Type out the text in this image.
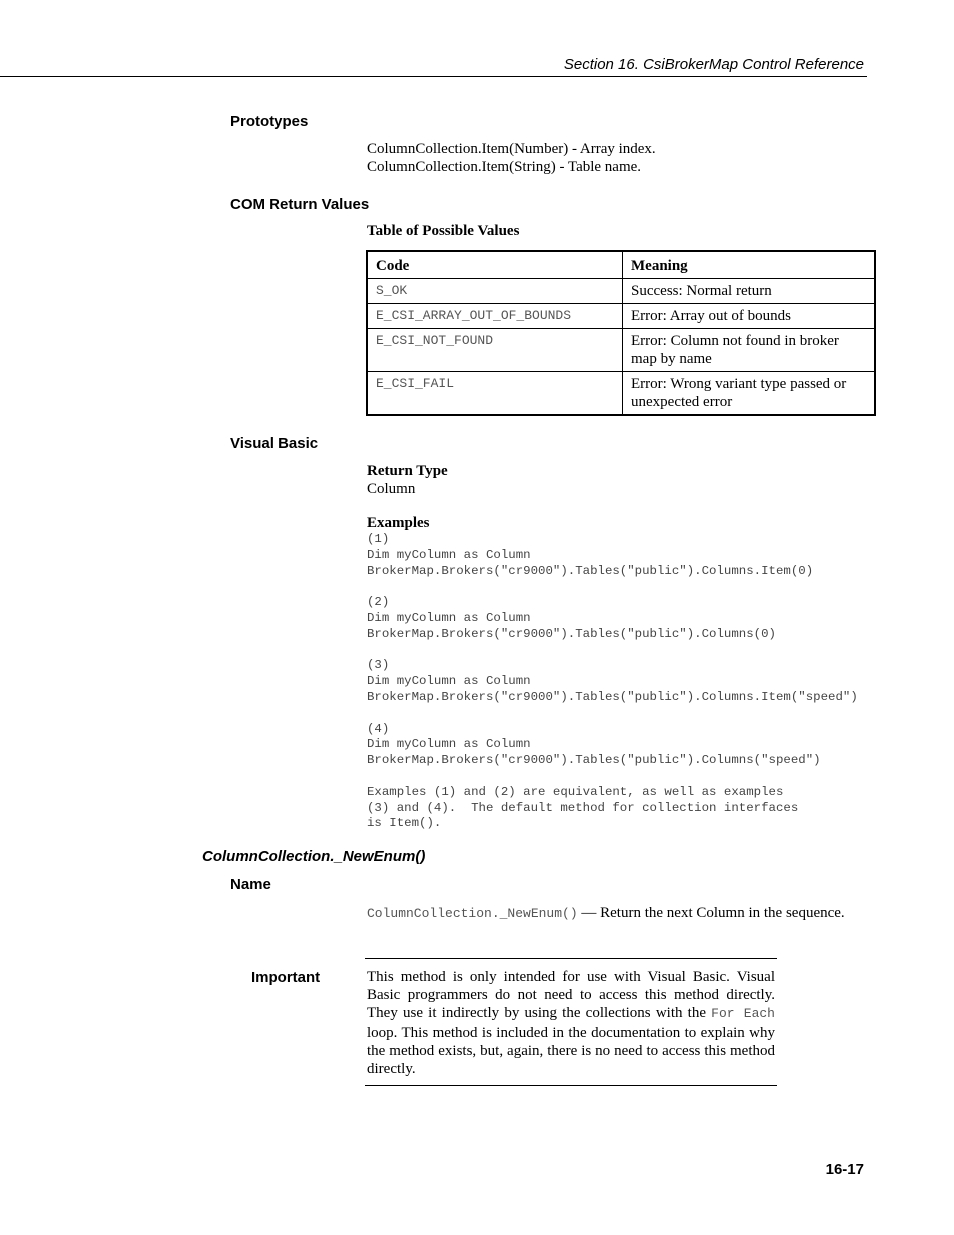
Section 16. CsiBrokerMap Control Reference
Prototypes
ColumnCollection.Item(Number) - Array index.
ColumnCollection.Item(String) - Table name.
COM Return Values
Table of Possible Values
Code	Meaning
S_OK	Success: Normal return
E_CSI_ARRAY_OUT_OF_BOUNDS	Error: Array out of bounds
E_CSI_NOT_FOUND	Error: Column not found in broker map by name
E_CSI_FAIL	Error: Wrong variant type passed or unexpected error
Visual Basic
Return Type
Column
Examples
(1)
Dim myColumn as Column
BrokerMap.Brokers("cr9000").Tables("public").Columns.Item(0)
(2)
Dim myColumn as Column
BrokerMap.Brokers("cr9000").Tables("public").Columns(0)
(3)
Dim myColumn as Column
BrokerMap.Brokers("cr9000").Tables("public").Columns.Item("speed")
(4)
Dim myColumn as Column
BrokerMap.Brokers("cr9000").Tables("public").Columns("speed")
Examples (1) and (2) are equivalent, as well as examples
(3) and (4).  The default method for collection interfaces
is Item().
ColumnCollection._NewEnum()
Name
ColumnCollection._NewEnum() — Return the next Column in the sequence.
Important	This method is only intended for use with Visual Basic. Visual Basic programmers do not need to access this method directly. They use it indirectly by using the collections with the For Each loop. This method is included in the documentation to explain why the method exists, but, again, there is no need to access this method directly.

16-17
